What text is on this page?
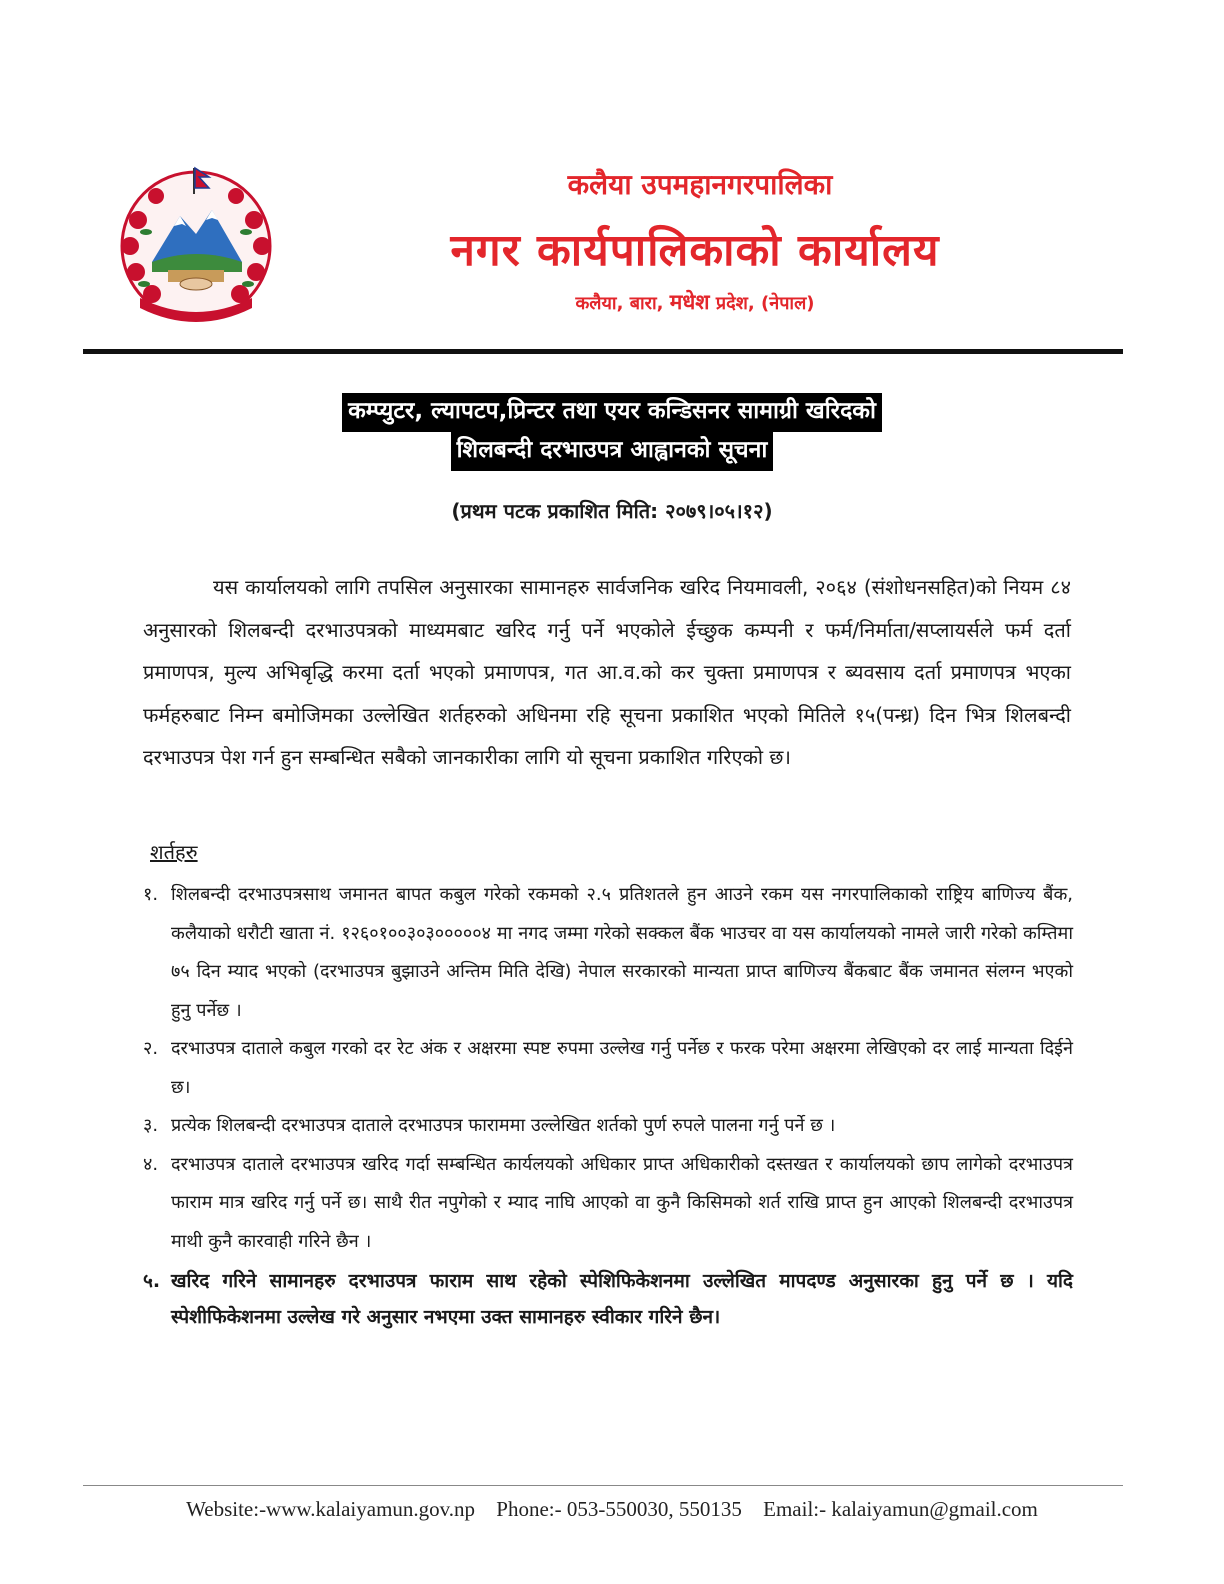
कलैया उपमहानगरपालिका
नगर कार्यपालिकाको कार्यालय
कलैया, बारा, मधेश प्रदेश, (नेपाल)
कम्प्युटर, ल्यापटप,प्रिन्टर तथा एयर कन्डिसनर सामाग्री खरिदको
शिलबन्दी दरभाउपत्र आह्वानको सूचना
(प्रथम पटक प्रकाशित मिति: २०७९।०५।१२)

यस कार्यालयको लागि तपसिल अनुसारका सामानहरु सार्वजनिक खरिद नियमावली, २०६४ (संशोधनसहित)को नियम ८४ अनुसारको शिलबन्दी दरभाउपत्रको माध्यमबाट खरिद गर्नु पर्ने भएकोले ईच्छुक कम्पनी र फर्म/निर्माता/सप्लायर्सले फर्म दर्ता प्रमाणपत्र, मुल्य अभिबृद्धि करमा दर्ता भएको प्रमाणपत्र, गत आ.व.को कर चुक्ता प्रमाणपत्र र ब्यवसाय दर्ता प्रमाणपत्र भएका फर्महरुबाट निम्न बमोजिमका उल्लेखित शर्तहरुको अधिनमा रहि सूचना प्रकाशित भएको मितिले १५(पन्ध्र) दिन भित्र शिलबन्दी दरभाउपत्र पेश गर्न हुन सम्बन्धित सबैको जानकारीका लागि यो सूचना प्रकाशित गरिएको छ।

शर्तहरु
१. शिलबन्दी दरभाउपत्रसाथ जमानत बापत कबुल गरेको रकमको २.५ प्रतिशतले हुन आउने रकम यस नगरपालिकाको राष्ट्रिय बाणिज्य बैंक, कलैयाको धरौटी खाता नं. १२६०१००३०३०००००४ मा नगद जम्मा गरेको सक्कल बैंक भाउचर वा यस कार्यालयको नामले जारी गरेको कम्तिमा ७५ दिन म्याद भएको (दरभाउपत्र बुझाउने अन्तिम मिति देखि) नेपाल सरकारको मान्यता प्राप्त बाणिज्य बैंकबाट बैंक जमानत संलग्न भएको हुनु पर्नेछ ।
२. दरभाउपत्र दाताले कबुल गरको दर रेट अंक र अक्षरमा स्पष्ट रुपमा उल्लेख गर्नु पर्नेछ र फरक परेमा अक्षरमा लेखिएको दर लाई मान्यता दिईने छ।
३. प्रत्येक शिलबन्दी दरभाउपत्र दाताले दरभाउपत्र फाराममा उल्लेखित शर्तको पुर्ण रुपले पालना गर्नु पर्ने छ ।
४. दरभाउपत्र दाताले दरभाउपत्र खरिद गर्दा सम्बन्धित कार्यलयको अधिकार प्राप्त अधिकारीको दस्तखत र कार्यालयको छाप लागेको दरभाउपत्र फाराम मात्र खरिद गर्नु पर्ने छ। साथै रीत नपुगेको र म्याद नाघि आएको वा कुनै किसिमको शर्त राखि प्राप्त हुन आएको शिलबन्दी दरभाउपत्र माथी कुनै कारवाही गरिने छैन ।
५. खरिद गरिने सामानहरु दरभाउपत्र फाराम साथ रहेको स्पेशिफिकेशनमा उल्लेखित मापदण्ड अनुसारका हुनु पर्ने छ । यदि स्पेशीफिकेशनमा उल्लेख गरे अनुसार नभएमा उक्त सामानहरु स्वीकार गरिने छैन।
Website:-www.kalaiyamun.gov.np Phone:- 053-550030, 550135 Email:- kalaiyamun@gmail.com
